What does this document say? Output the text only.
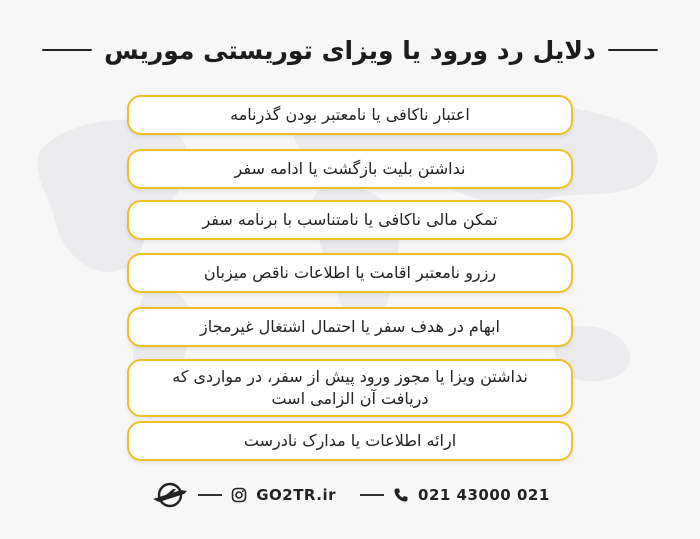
دلایل رد ورود یا ویزای توریستی موریس
اعتبار ناکافی یا نامعتبر بودن گذرنامه
نداشتن بلیت بازگشت یا ادامه سفر
تمکن مالی ناکافی یا نامتناسب با برنامه سفر
رزرو نامعتبر اقامت یا اطلاعات ناقص میزبان
ابهام در هدف سفر یا احتمال اشتغال غیرمجاز
نداشتن ویزا یا مجوز ورود پیش از سفر، در مواردی که دریافت آن الزامی است
ارائه اطلاعات یا مدارک نادرست
GO2TR.ir	021 43000 021
